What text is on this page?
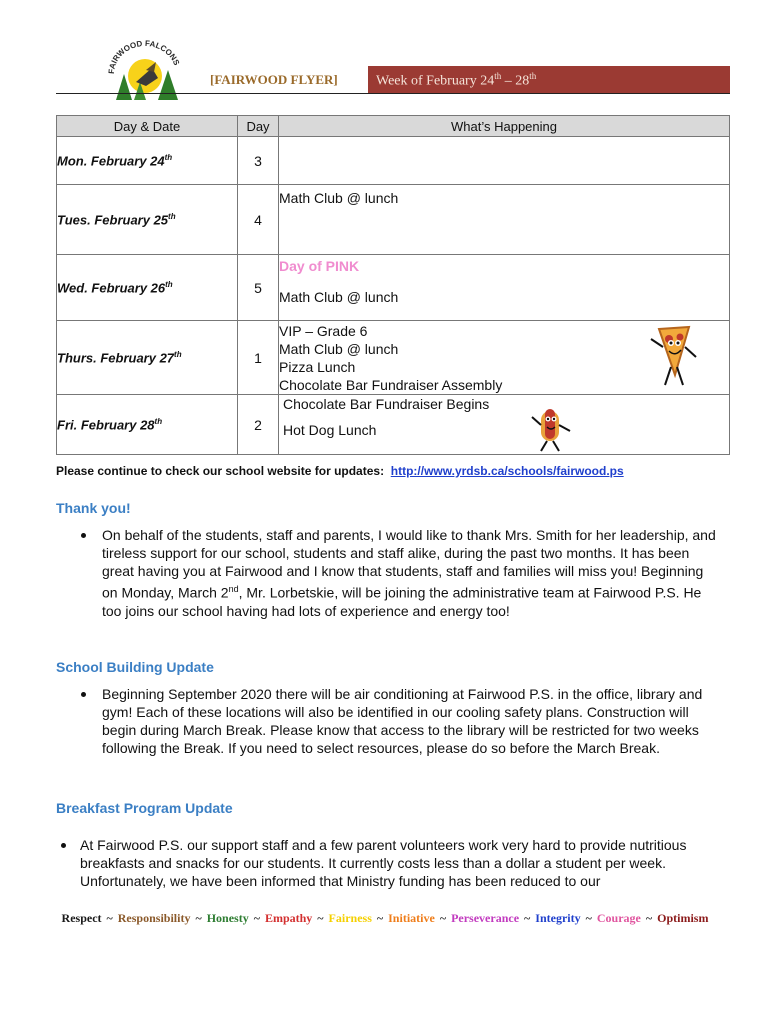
FAIRWOOD FALCONS
[FAIRWOOD FLYER]	Week of February 24th – 28th
Day & Date	Day	What’s Happening
Mon. February 24th	3	
Tues. February 25th	4	Math Club @ lunch

Wed. February 26th	5	Day of PINK
Math Club @ lunch

Thurs. February 27th	1	VIP – Grade 6
Math Club @ lunch
Pizza Lunch
Chocolate Bar Fundraiser Assembly

Fri. February 28th	2	Chocolate Bar Fundraiser Begins
Hot Dog Lunch
Please continue to check our school website for updates: http://www.yrdsb.ca/schools/fairwood.ps
Thank you!

On behalf of the students, staff and parents, I would like to thank Mrs. Smith for her leadership, and tireless support for our school, students and staff alike, during the past two months. It has been great having you at Fairwood and I know that students, staff and families will miss you! Beginning on Monday, March 2nd, Mr. Lorbetskie, will be joining the administrative team at Fairwood P.S. He too joins our school having had lots of experience and energy too!

School Building Update

Beginning September 2020 there will be air conditioning at Fairwood P.S. in the office, library and gym! Each of these locations will also be identified in our cooling safety plans. Construction will begin during March Break. Please know that access to the library will be restricted for two weeks following the Break. If you need to select resources, please do so before the March Break.

Breakfast Program Update

At Fairwood P.S. our support staff and a few parent volunteers work very hard to provide nutritious breakfasts and snacks for our students. It currently costs less than a dollar a student per week. Unfortunately, we have been informed that Ministry funding has been reduced to our

Respect ~ Responsibility ~ Honesty ~ Empathy ~ Fairness ~ Initiative ~ Perseverance ~ Integrity ~ Courage ~ Optimism
